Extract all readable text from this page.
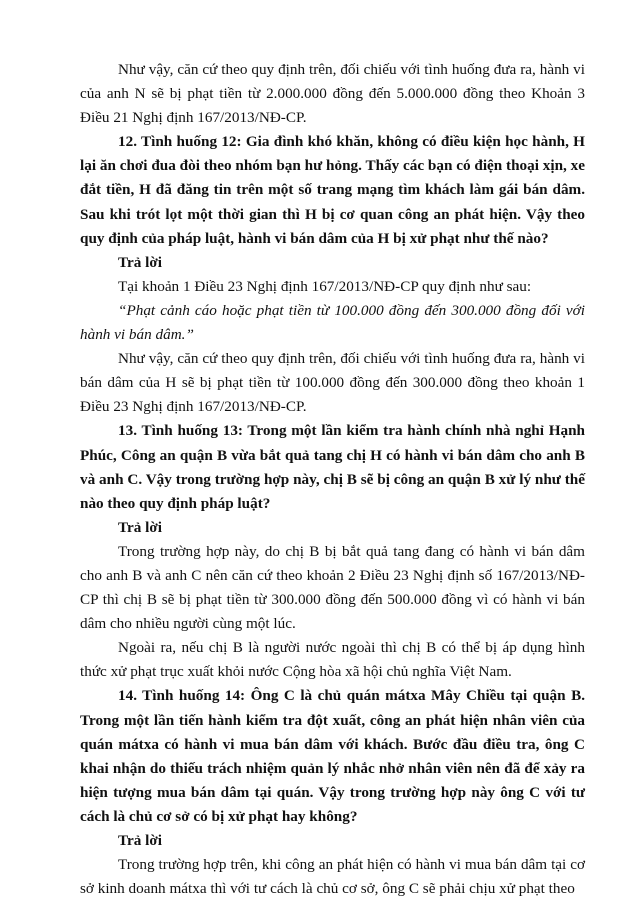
Như vậy, căn cứ theo quy định trên, đối chiếu với tình huống đưa ra, hành vi của anh N sẽ bị phạt tiền từ 2.000.000 đồng đến 5.000.000 đồng theo Khoản 3 Điều 21 Nghị định 167/2013/NĐ-CP.

12. Tình huống 12: Gia đình khó khăn, không có điều kiện học hành, H lại ăn chơi đua đòi theo nhóm bạn hư hỏng. Thấy các bạn có điện thoại xịn, xe đắt tiền, H đã đăng tin trên một số trang mạng tìm khách làm gái bán dâm. Sau khi trót lọt một thời gian thì H bị cơ quan công an phát hiện. Vậy theo quy định của pháp luật, hành vi bán dâm của H bị xử phạt như thế nào?

Trả lời

Tại khoản 1 Điều 23 Nghị định 167/2013/NĐ-CP quy định như sau:

“Phạt cảnh cáo hoặc phạt tiền từ 100.000 đồng đến 300.000 đồng đối với hành vi bán dâm.”

Như vậy, căn cứ theo quy định trên, đối chiếu với tình huống đưa ra, hành vi bán dâm của H sẽ bị phạt tiền từ 100.000 đồng đến 300.000 đồng theo khoản 1 Điều 23 Nghị định 167/2013/NĐ-CP.

13. Tình huống 13: Trong một lần kiểm tra hành chính nhà nghỉ Hạnh Phúc, Công an quận B vừa bắt quả tang chị H có hành vi bán dâm cho anh B và anh C. Vậy trong trường hợp này, chị B sẽ bị công an quận B xử lý như thế nào theo quy định pháp luật?

Trả lời

Trong trường hợp này, do chị B bị bắt quả tang đang có hành vi bán dâm cho anh B và anh C nên căn cứ theo khoản 2 Điều 23 Nghị định số 167/2013/NĐ-CP thì chị B sẽ bị phạt tiền từ 300.000 đồng đến 500.000 đồng vì có hành vi bán dâm cho nhiều người cùng một lúc.

Ngoài ra, nếu chị B là người nước ngoài thì chị B có thể bị áp dụng hình thức xử phạt trục xuất khỏi nước Cộng hòa xã hội chủ nghĩa Việt Nam.

14. Tình huống 14: Ông C là chủ quán mátxa Mây Chiều tại quận B. Trong một lần tiến hành kiểm tra đột xuất, công an phát hiện nhân viên của quán mátxa có hành vi mua bán dâm với khách. Bước đầu điều tra, ông C khai nhận do thiếu trách nhiệm quản lý nhắc nhở nhân viên nên đã để xảy ra hiện tượng mua bán dâm tại quán. Vậy trong trường hợp này ông C với tư cách là chủ cơ sở có bị xử phạt hay không?

Trả lời

Trong trường hợp trên, khi công an phát hiện có hành vi mua bán dâm tại cơ sở kinh doanh mátxa thì với tư cách là chủ cơ sở, ông C sẽ phải chịu xử phạt theo
